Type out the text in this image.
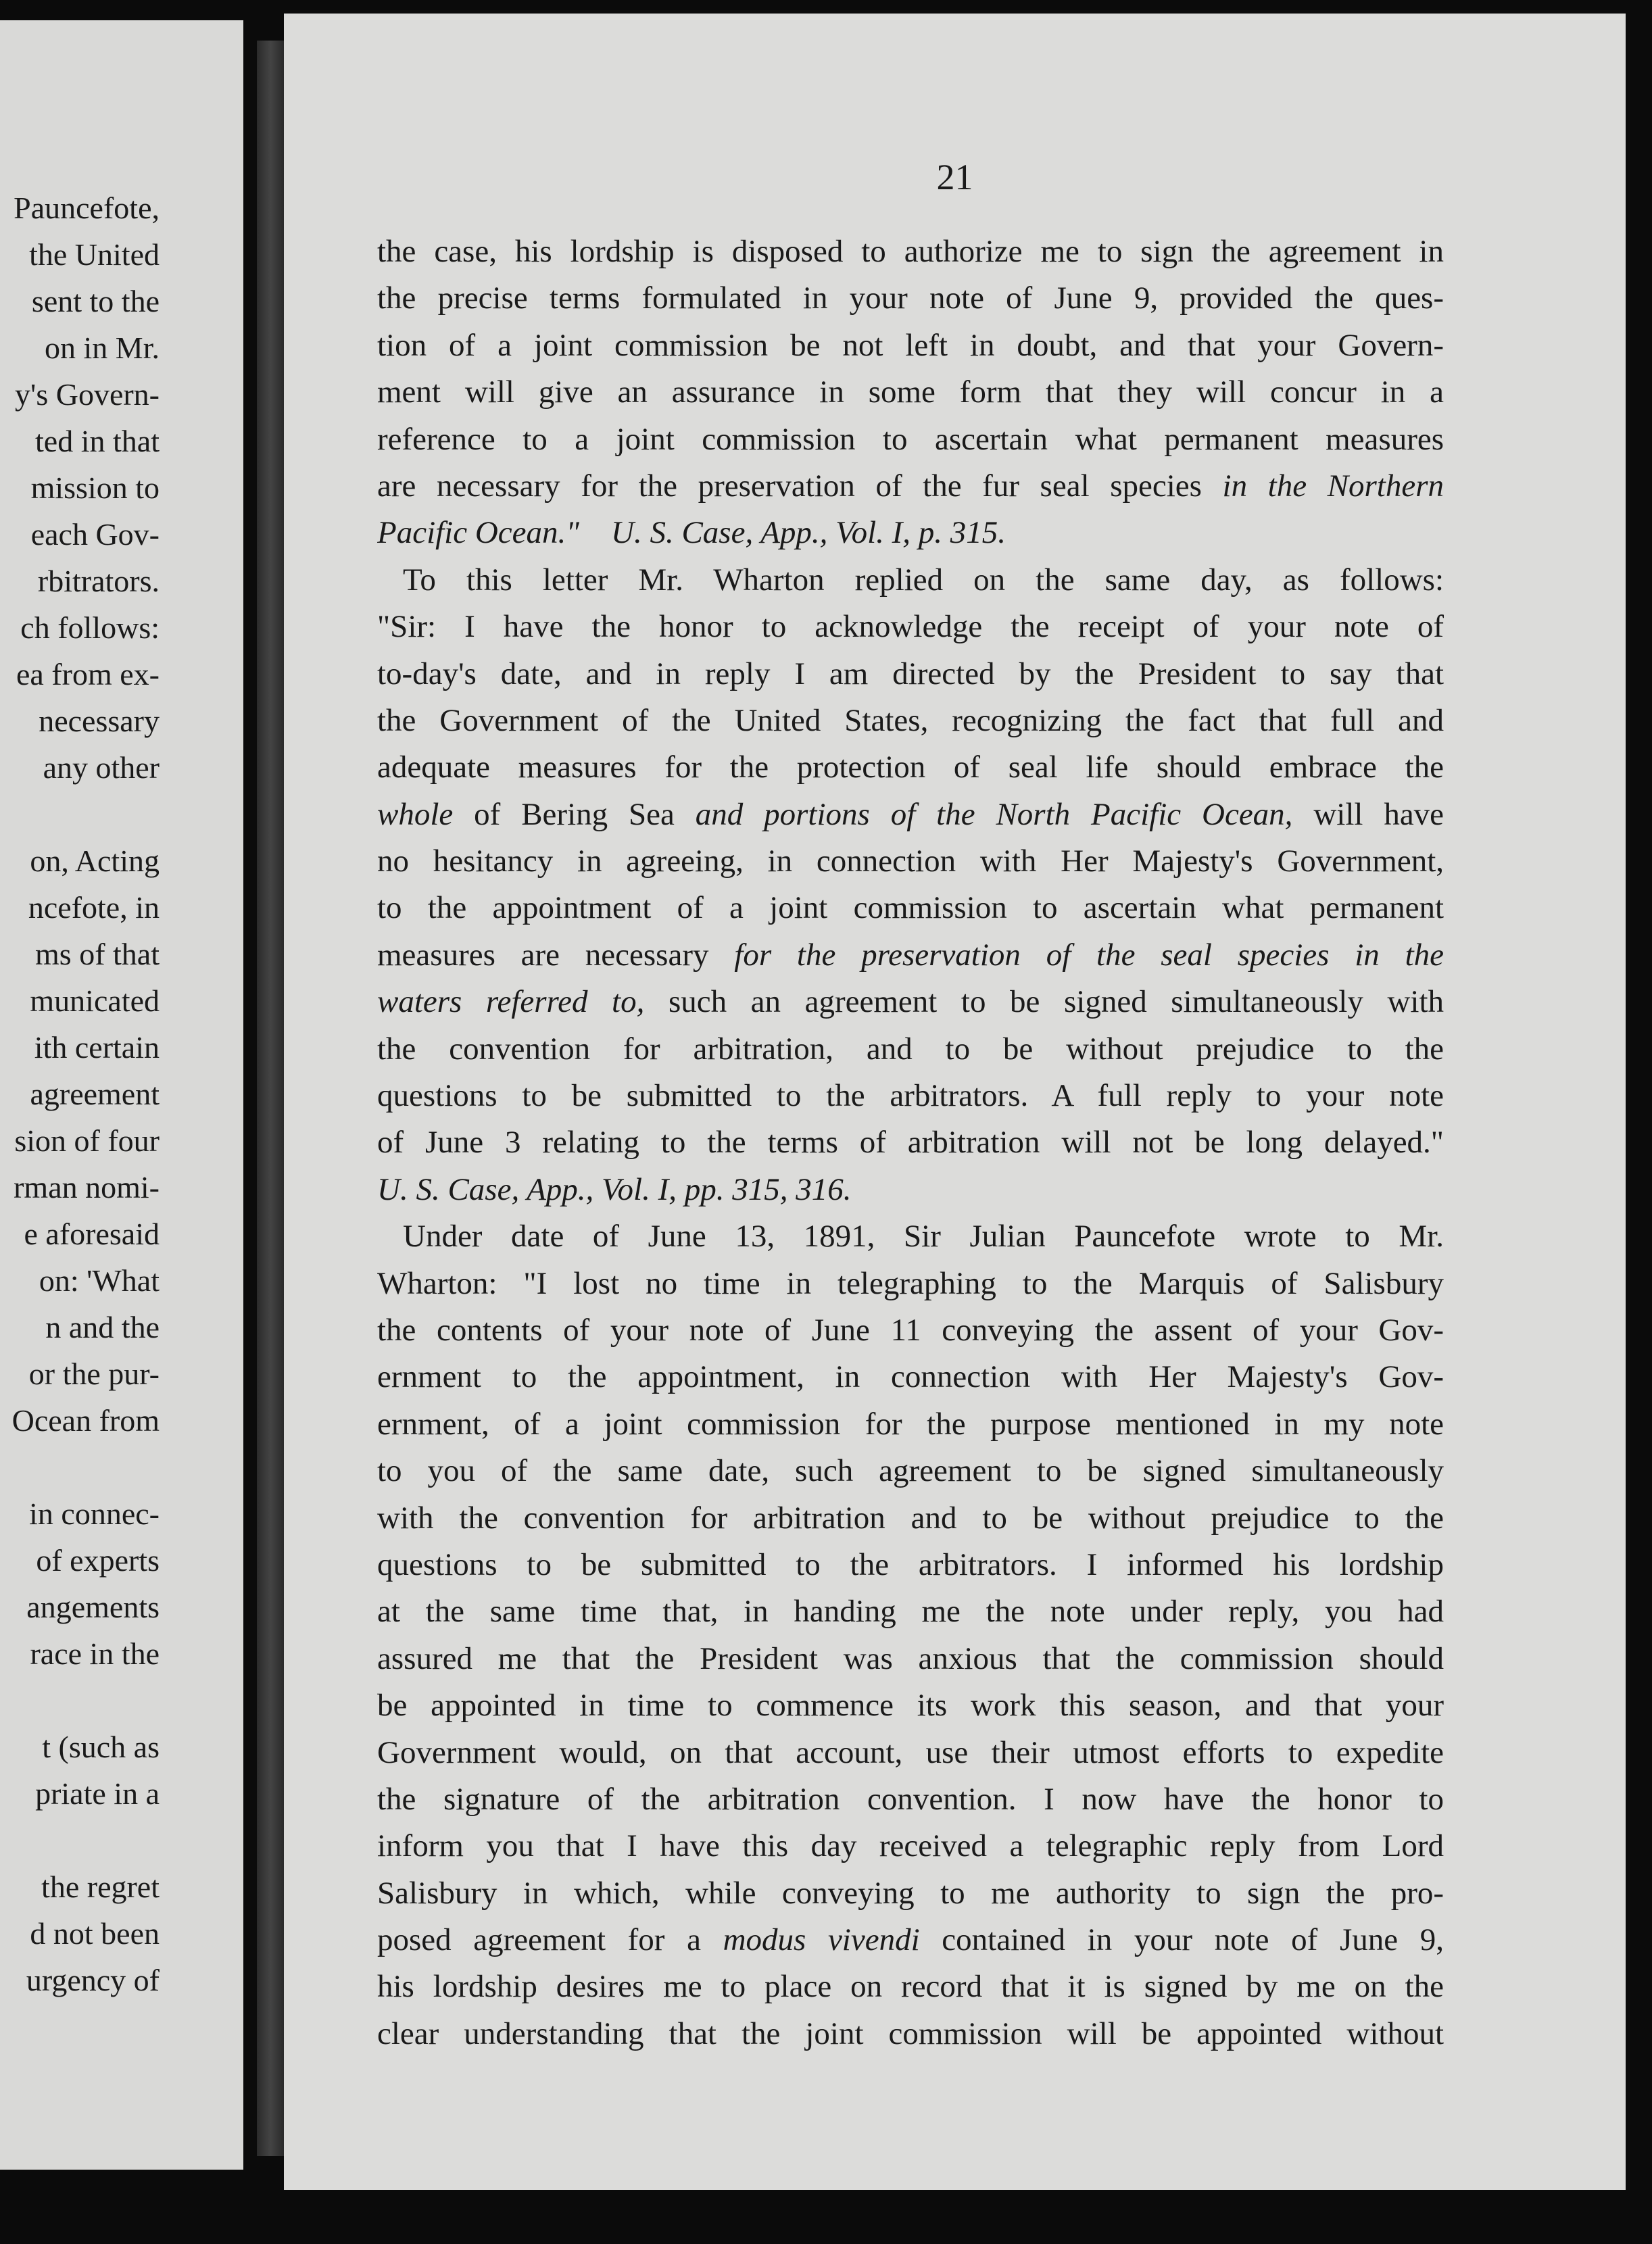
Pauncefote,
the United
sent to the
on in Mr.
y's Govern-
ted in that
mission to
each Gov-
rbitrators.
ch follows:
ea from ex-
necessary
any other
on, Acting
ncefote, in
ms of that
municated
ith certain
agreement
sion of four
rman nomi-
e aforesaid
on: 'What
n and the
or the pur-
Ocean from
in connec-
of experts
angements
race in the
t (such as
priate in a
the regret
d not been
urgency of
21
the case, his lordship is disposed to authorize me to sign the agreement in
the precise terms formulated in your note of June 9, provided the ques-
tion of a joint commission be not left in doubt, and that your Govern-
ment will give an assurance in some form that they will concur in a
reference to a joint commission to ascertain what permanent measures
are necessary for the preservation of the fur seal species in the Northern
Pacific Ocean." U. S. Case, App., Vol. I, p. 315.
To this letter Mr. Wharton replied on the same day, as follows:
"Sir: I have the honor to acknowledge the receipt of your note of
to-day's date, and in reply I am directed by the President to say that
the Government of the United States, recognizing the fact that full and
adequate measures for the protection of seal life should embrace the
whole of Bering Sea and portions of the North Pacific Ocean, will have
no hesitancy in agreeing, in connection with Her Majesty's Government,
to the appointment of a joint commission to ascertain what permanent
measures are necessary for the preservation of the seal species in the
waters referred to, such an agreement to be signed simultaneously with
the convention for arbitration, and to be without prejudice to the
questions to be submitted to the arbitrators. A full reply to your note
of June 3 relating to the terms of arbitration will not be long delayed."
U. S. Case, App., Vol. I, pp. 315, 316.
Under date of June 13, 1891, Sir Julian Pauncefote wrote to Mr.
Wharton: "I lost no time in telegraphing to the Marquis of Salisbury
the contents of your note of June 11 conveying the assent of your Gov-
ernment to the appointment, in connection with Her Majesty's Gov-
ernment, of a joint commission for the purpose mentioned in my note
to you of the same date, such agreement to be signed simultaneously
with the convention for arbitration and to be without prejudice to the
questions to be submitted to the arbitrators. I informed his lordship
at the same time that, in handing me the note under reply, you had
assured me that the President was anxious that the commission should
be appointed in time to commence its work this season, and that your
Government would, on that account, use their utmost efforts to expedite
the signature of the arbitration convention. I now have the honor to
inform you that I have this day received a telegraphic reply from Lord
Salisbury in which, while conveying to me authority to sign the pro-
posed agreement for a modus vivendi contained in your note of June 9,
his lordship desires me to place on record that it is signed by me on the
clear understanding that the joint commission will be appointed without
